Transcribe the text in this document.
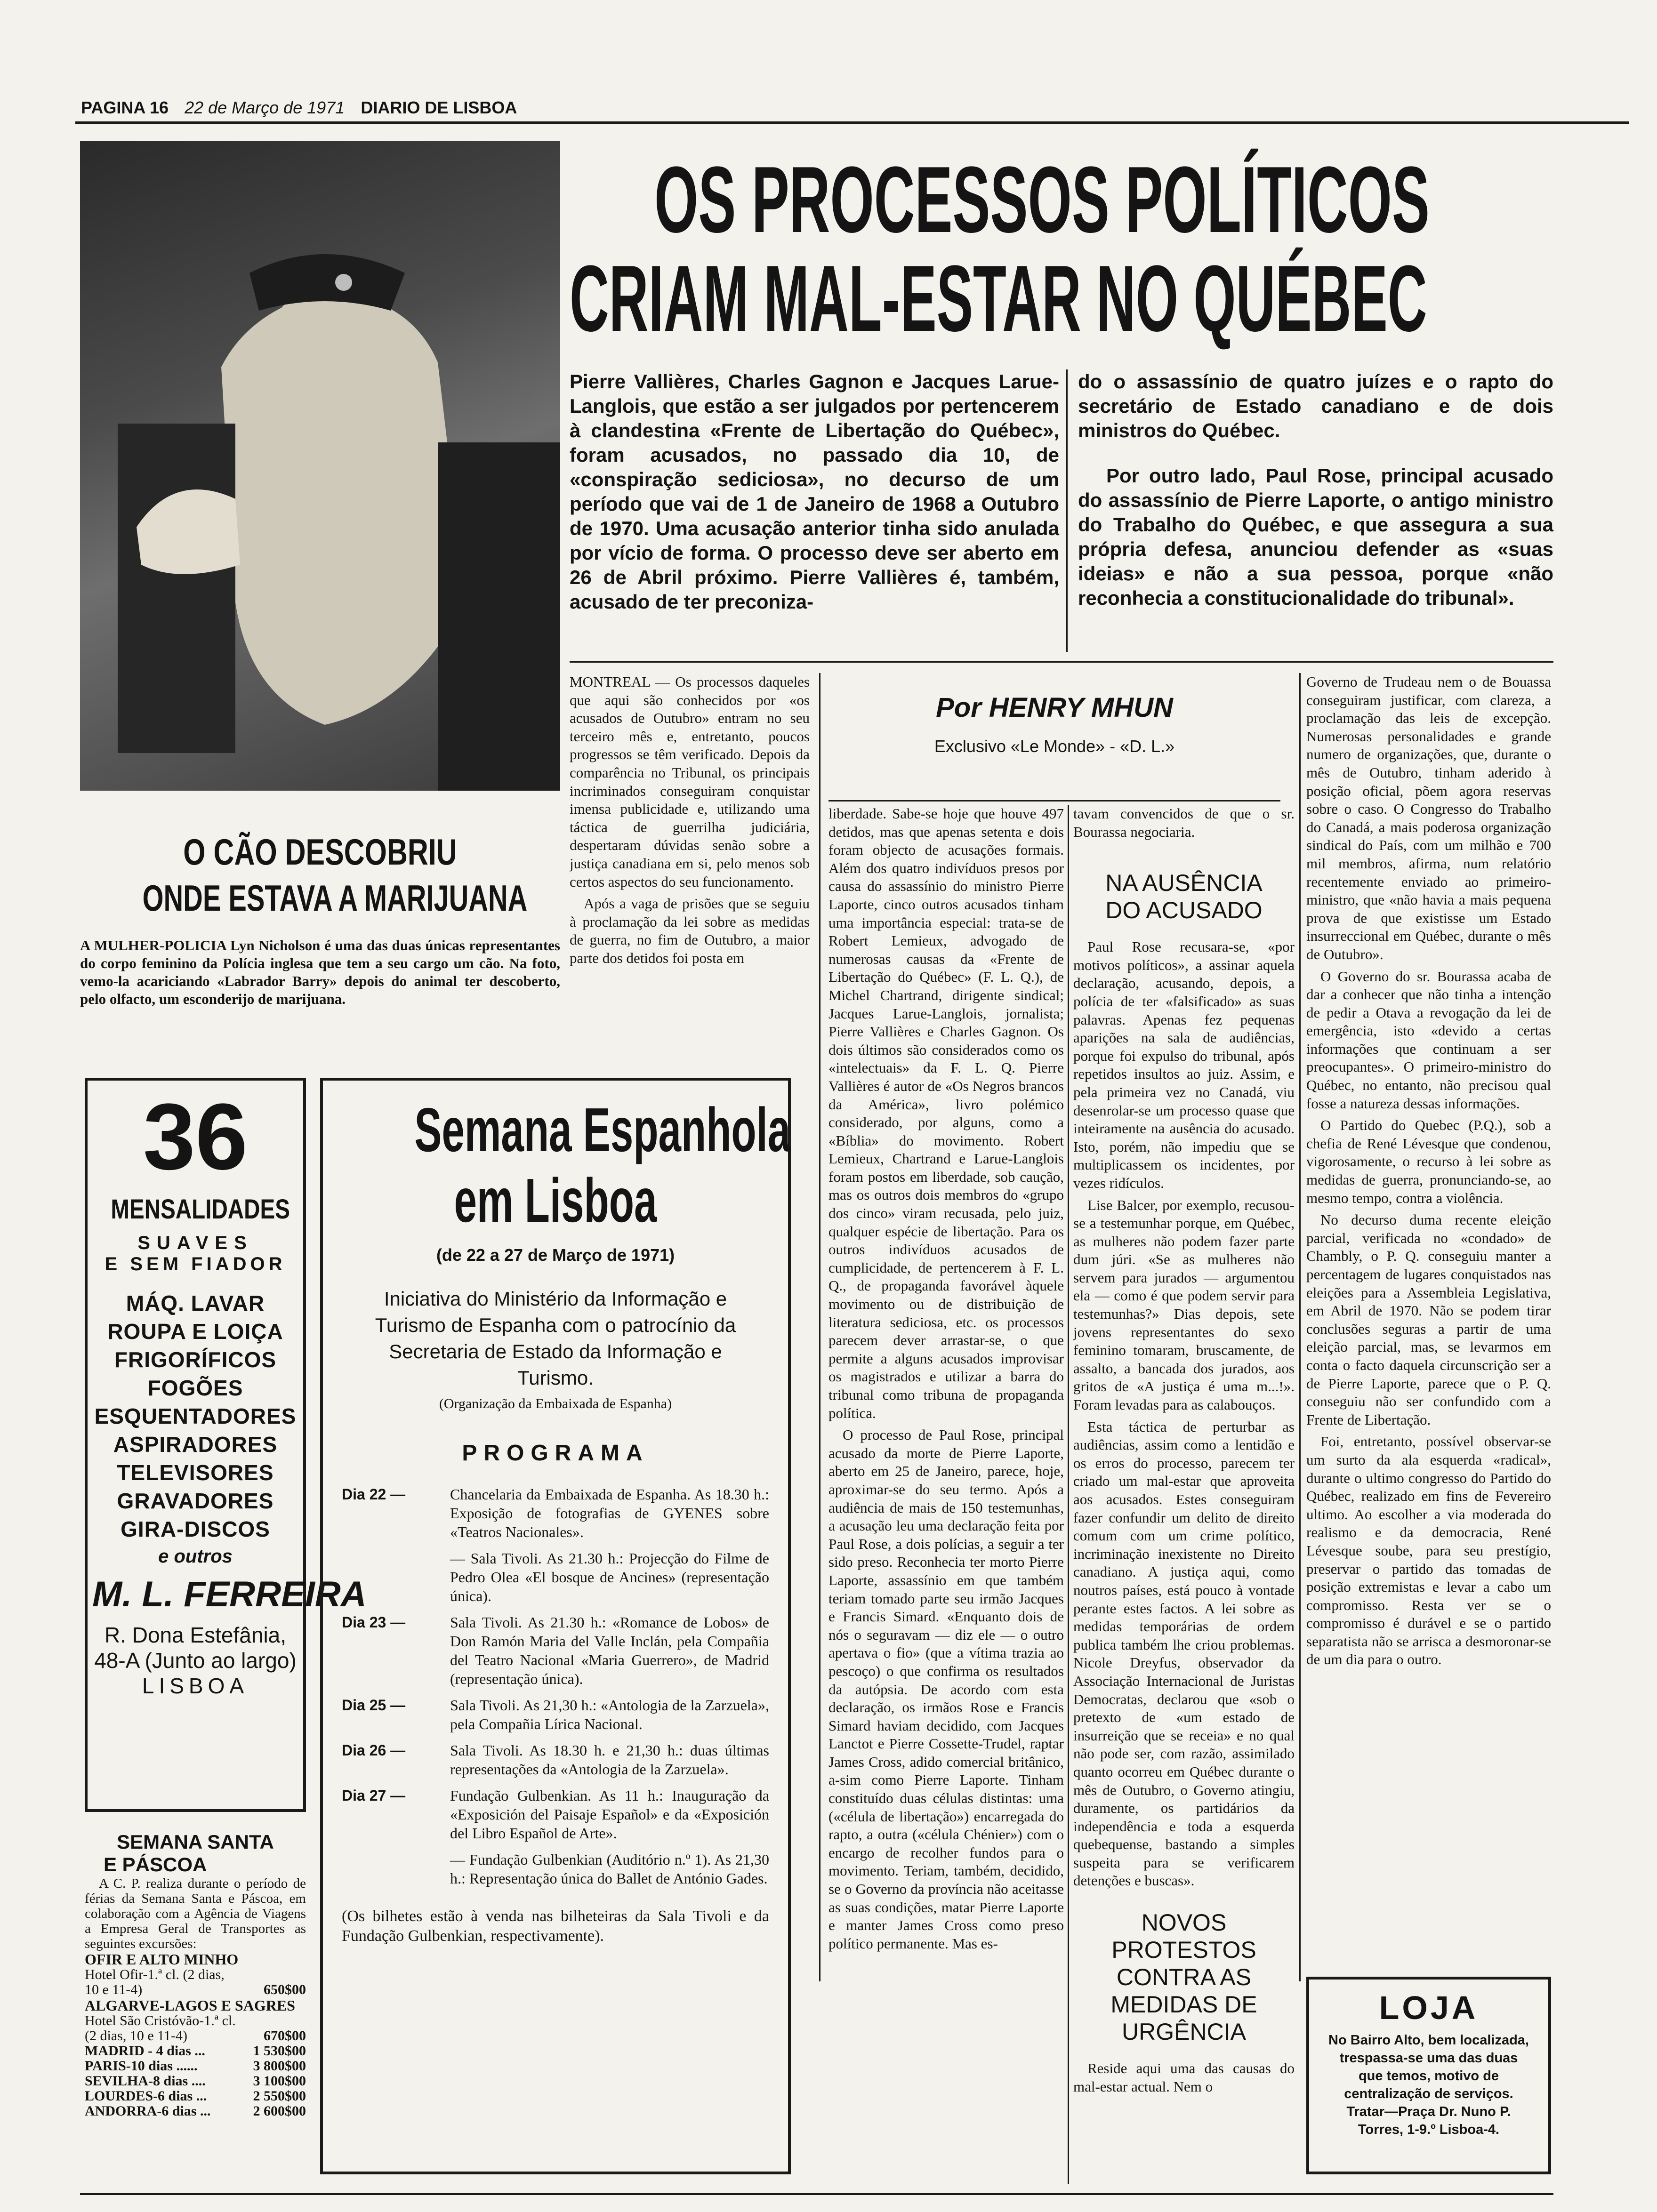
PAGINA 16 22 de Março de 1971 DIARIO DE LISBOA
O CÃO DESCOBRIU
ONDE ESTAVA A MARIJUANA
A MULHER-POLICIA Lyn Nicholson é uma das duas únicas representantes do corpo feminino da Polícia inglesa que tem a seu cargo um cão. Na foto, vemo-la acariciando «Labrador Barry» depois do animal ter descoberto, pelo olfacto, um esconderijo de marijuana.
OS PROCESSOS POLÍTICOS
CRIAM MAL-ESTAR NO QUÉBEC
Pierre Vallières, Charles Gagnon e Jacques Larue-Langlois, que estão a ser julgados por pertencerem à clandestina «Frente de Libertação do Québec», foram acusados, no passado dia 10, de «conspiração sediciosa», no decurso de um período que vai de 1 de Janeiro de 1968 a Outubro de 1970. Uma acusação anterior tinha sido anulada por vício de forma. O processo deve ser aberto em 26 de Abril próximo. Pierre Vallières é, também, acusado de ter preconiza-
do o assassínio de quatro juízes e o rapto do secretário de Estado canadiano e de dois ministros do Québec.
Por outro lado, Paul Rose, principal acusado do assassínio de Pierre Laporte, o antigo ministro do Trabalho do Québec, e que assegura a sua própria defesa, anunciou defender as «suas ideias» e não a sua pessoa, porque «não reconhecia a constitucionalidade do tribunal».

MONTREAL — Os processos daqueles que aqui são conhecidos por «os acusados de Outubro» entram no seu terceiro mês e, entretanto, poucos progressos se têm verificado. Depois da comparência no Tribunal, os principais incriminados conseguiram conquistar imensa publicidade e, utilizando uma táctica de guerrilha judiciária, despertaram dúvidas senão sobre a justiça canadiana em si, pelo menos sob certos aspectos do seu funcionamento.

Após a vaga de prisões que se seguiu à proclamação da lei sobre as medidas de guerra, no fim de Outubro, a maior parte dos detidos foi posta em

Por HENRY MHUN
Exclusivo «Le Monde» - «D. L.»

liberdade. Sabe-se hoje que houve 497 detidos, mas que apenas setenta e dois foram objecto de acusações formais. Além dos quatro indivíduos presos por causa do assassínio do ministro Pierre Laporte, cinco outros acusados tinham uma importância especial: trata-se de Robert Lemieux, advogado de numerosas causas da «Frente de Libertação do Québec» (F. L. Q.), de Michel Chartrand, dirigente sindical; Jacques Larue-Langlois, jornalista; Pierre Vallières e Charles Gagnon. Os dois últimos são considerados como os «intelectuais» da F. L. Q. Pierre Vallières é autor de «Os Negros brancos da América», livro polémico considerado, por alguns, como a «Bíblia» do movimento. Robert Lemieux, Chartrand e Larue-Langlois foram postos em liberdade, sob caução, mas os outros dois membros do «grupo dos cinco» viram recusada, pelo juiz, qualquer espécie de libertação. Para os outros indivíduos acusados de cumplicidade, de pertencerem à F. L. Q., de propaganda favorável àquele movimento ou de distribuição de literatura sediciosa, etc. os processos parecem dever arrastar-se, o que permite a alguns acusados improvisar os magistrados e utilizar a barra do tribunal como tribuna de propaganda política.

O processo de Paul Rose, principal acusado da morte de Pierre Laporte, aberto em 25 de Janeiro, parece, hoje, aproximar-se do seu termo. Após a audiência de mais de 150 testemunhas, a acusação leu uma declaração feita por Paul Rose, a dois polícias, a seguir a ter sido preso. Reconhecia ter morto Pierre Laporte, assassínio em que também teriam tomado parte seu irmão Jacques e Francis Simard. «Enquanto dois de nós o seguravam — diz ele — o outro apertava o fio» (que a vítima trazia ao pescoço) o que confirma os resultados da autópsia. De acordo com esta declaração, os irmãos Rose e Francis Simard haviam decidido, com Jacques Lanctot e Pierre Cossette-Trudel, raptar James Cross, adido comercial britânico, a-sim como Pierre Laporte. Tinham constituído duas células distintas: uma («célula de libertação») encarregada do rapto, a outra («célula Chénier») com o encargo de recolher fundos para o movimento. Teriam, também, decidido, se o Governo da província não aceitasse as suas condições, matar Pierre Laporte e manter James Cross como preso político permanente. Mas es-

tavam convencidos de que o sr. Bourassa negociaria.

NA AUSÊNCIA DO ACUSADO

Paul Rose recusara-se, «por motivos políticos», a assinar aquela declaração, acusando, depois, a polícia de ter «falsificado» as suas palavras. Apenas fez pequenas aparições na sala de audiências, porque foi expulso do tribunal, após repetidos insultos ao juiz. Assim, e pela primeira vez no Canadá, viu desenrolar-se um processo quase que inteiramente na ausência do acusado. Isto, porém, não impediu que se multiplicassem os incidentes, por vezes ridículos.

Lise Balcer, por exemplo, recusou-se a testemunhar porque, em Québec, as mulheres não podem fazer parte dum júri. «Se as mulheres não servem para jurados — argumentou ela — como é que podem servir para testemunhas?» Dias depois, sete jovens representantes do sexo feminino tomaram, bruscamente, de assalto, a bancada dos jurados, aos gritos de «A justiça é uma m...!». Foram levadas para as calabouços.

Esta táctica de perturbar as audiências, assim como a lentidão e os erros do processo, parecem ter criado um mal-estar que aproveita aos acusados. Estes conseguiram fazer confundir um delito de direito comum com um crime político, incriminação inexistente no Direito canadiano. A justiça aqui, como noutros países, está pouco à vontade perante estes factos. A lei sobre as medidas temporárias de ordem publica também lhe criou problemas. Nicole Dreyfus, observador da Associação Internacional de Juristas Democratas, declarou que «sob o pretexto de «um estado de insurreição que se receia» e no qual não pode ser, com razão, assimilado quanto ocorreu em Québec durante o mês de Outubro, o Governo atingiu, duramente, os partidários da independência e toda a esquerda quebequense, bastando a simples suspeita para se verificarem detenções e buscas».

NOVOS PROTESTOS CONTRA AS MEDIDAS DE URGÊNCIA

Reside aqui uma das causas do mal-estar actual. Nem o

Governo de Trudeau nem o de Bouassa conseguiram justificar, com clareza, a proclamação das leis de excepção. Numerosas personalidades e grande numero de organizações, que, durante o mês de Outubro, tinham aderido à posição oficial, põem agora reservas sobre o caso. O Congresso do Trabalho do Canadá, a mais poderosa organização sindical do País, com um milhão e 700 mil membros, afirma, num relatório recentemente enviado ao primeiro-ministro, que «não havia a mais pequena prova de que existisse um Estado insurreccional em Québec, durante o mês de Outubro».

O Governo do sr. Bourassa acaba de dar a conhecer que não tinha a intenção de pedir a Otava a revogação da lei de emergência, isto «devido a certas informações que continuam a ser preocupantes». O primeiro-ministro do Québec, no entanto, não precisou qual fosse a natureza dessas informações.

O Partido do Quebec (P.Q.), sob a chefia de René Lévesque que condenou, vigorosamente, o recurso à lei sobre as medidas de guerra, pronunciando-se, ao mesmo tempo, contra a violência.

No decurso duma recente eleição parcial, verificada no «condado» de Chambly, o P. Q. conseguiu manter a percentagem de lugares conquistados nas eleições para a Assembleia Legislativa, em Abril de 1970. Não se podem tirar conclusões seguras a partir de uma eleição parcial, mas, se levarmos em conta o facto daquela circunscrição ser a de Pierre Laporte, parece que o P. Q. conseguiu não ser confundido com a Frente de Libertação.

Foi, entretanto, possível observar-se um surto da ala esquerda «radical», durante o ultimo congresso do Partido do Québec, realizado em fins de Fevereiro ultimo. Ao escolher a via moderada do realismo e da democracia, René Lévesque soube, para seu prestígio, preservar o partido das tomadas de posição extremistas e levar a cabo um compromisso. Resta ver se o compromisso é durável e se o partido separatista não se arrisca a desmoronar-se de um dia para o outro.

LOJA
No Bairro Alto, bem localizada, trespassa-se uma das duas que temos, motivo de centralização de serviços. Tratar—Praça Dr. Nuno P. Torres, 1-9.º Lisboa-4.
36
MENSALIDADES
SUAVES
E SEM FIADOR
MÁQ. LAVAR
ROUPA E LOIÇA
FRIGORÍFICOS
FOGÕES
ESQUENTADORES
ASPIRADORES
TELEVISORES
GRAVADORES
GIRA-DISCOS
e outros
M. L. FERREIRA
R. Dona Estefânia,
48-A (Junto ao largo)
LISBOA
SEMANA SANTA
E PÁSCOA
A C. P. realiza durante o período de férias da Semana Santa e Páscoa, em colaboração com a Agência de Viagens a Empresa Geral de Transportes as seguintes excursões:
OFIR E ALTO MINHO
Hotel Ofir-1.ª cl. (2 dias, 10 e 11-4)	650$00
ALGARVE-LAGOS E SAGRES
Hotel São Cristóvão-1.ª cl. (2 dias, 10 e 11-4)	670$00
MADRID - 4 dias ...	1 530$00
PARIS-10 dias ......	3 800$00
SEVILHA-8 dias ....	3 100$00
LOURDES-6 dias ...	2 550$00
ANDORRA-6 dias ...	2 600$00
Semana Espanhola
em Lisboa
(de 22 a 27 de Março de 1971)
Iniciativa do Ministério da Informação e Turismo de Espanha com o patrocínio da Secretaria de Estado da Informação e Turismo.
(Organização da Embaixada de Espanha)
PROGRAMA
Dia 22 —	Chancelaria da Embaixada de Espanha. As 18.30 h.: Exposição de fotografias de GYENES sobre «Teatros Nacionales».
— Sala Tivoli. As 21.30 h.: Projecção do Filme de Pedro Olea «El bosque de Ancines» (representação única).
Dia 23 —	Sala Tivoli. As 21.30 h.: «Romance de Lobos» de Don Ramón Maria del Valle Inclán, pela Compañia del Teatro Nacional «Maria Guerrero», de Madrid (representação única).
Dia 25 —	Sala Tivoli. As 21,30 h.: «Antologia de la Zarzuela», pela Compañia Lírica Nacional.
Dia 26 —	Sala Tivoli. As 18.30 h. e 21,30 h.: duas últimas representações da «Antologia de la Zarzuela».
Dia 27 —	Fundação Gulbenkian. As 11 h.: Inauguração da «Exposición del Paisaje Español» e da «Exposición del Libro Español de Arte».
— Fundação Gulbenkian (Auditório n.º 1). As 21,30 h.: Representação única do Ballet de António Gades.
(Os bilhetes estão à venda nas bilheteiras da Sala Tivoli e da Fundação Gulbenkian, respectivamente).
